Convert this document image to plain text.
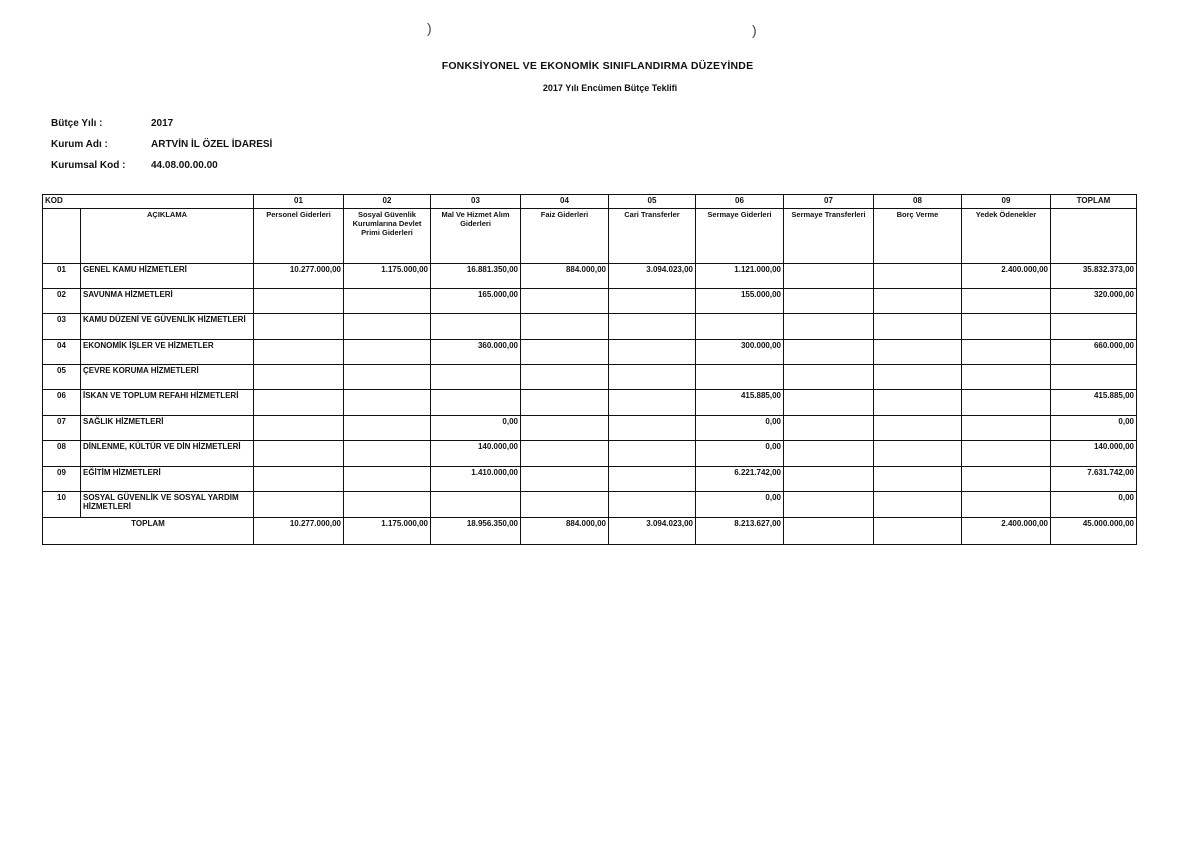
)	)
FONKSİYONEL VE EKONOMİK SINIFLANDIRMA DÜZEYİNDE
2017 Yılı Encümen Bütçe Teklifi
Bütçe Yılı :	2017
Kurum Adı :	ARTVİN İL ÖZEL İDARESİ
Kurumsal Kod :	44.08.00.00.00
KOD		01	02	03	04	05	06	07	08	09	TOPLAM
	AÇIKLAMA	Personel Giderleri	Sosyal Güvenlik Kurumlarına Devlet Primi Giderleri	Mal Ve Hizmet Alım Giderleri	Faiz Giderleri	Cari Transferler	Sermaye Giderleri	Sermaye Transferleri	Borç Verme	Yedek Ödenekler	
01	GENEL KAMU HİZMETLERİ	10.277.000,00	1.175.000,00	16.881.350,00	884.000,00	3.094.023,00	1.121.000,00			2.400.000,00	35.832.373,00
02	SAVUNMA HİZMETLERİ			165.000,00			155.000,00				320.000,00
03	KAMU DÜZENİ VE GÜVENLİK HİZMETLERİ										
04	EKONOMİK İŞLER VE HİZMETLER			360.000,00			300.000,00				660.000,00
05	ÇEVRE KORUMA HİZMETLERİ										
06	İSKAN VE TOPLUM REFAHI HİZMETLERİ						415.885,00				415.885,00
07	SAĞLIK HİZMETLERİ			0,00			0,00				0,00
08	DİNLENME, KÜLTÜR VE DİN HİZMETLERİ			140.000,00			0,00				140.000,00
09	EĞİTİM HİZMETLERİ			1.410.000,00			6.221.742,00				7.631.742,00
10	SOSYAL GÜVENLİK VE SOSYAL YARDIM HİZMETLERİ						0,00				0,00
TOPLAM		10.277.000,00	1.175.000,00	18.956.350,00	884.000,00	3.094.023,00	8.213.627,00			2.400.000,00	45.000.000,00
